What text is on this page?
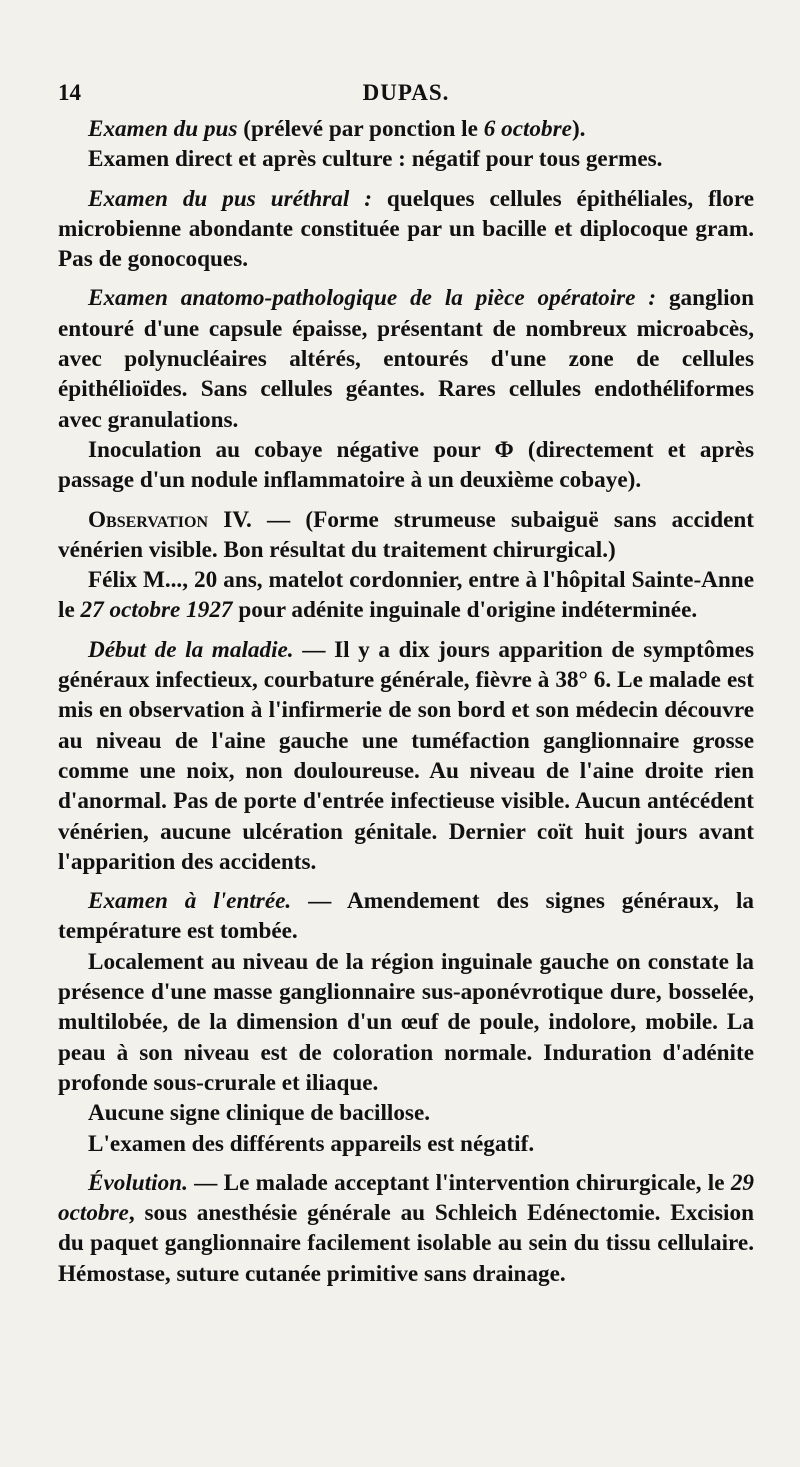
14	DUPAS.

Examen du pus (prélevé par ponction le 6 octobre).

Examen direct et après culture : négatif pour tous germes.

Examen du pus uréthral : quelques cellules épithéliales, flore microbienne abondante constituée par un bacille et diplocoque gram. Pas de gonocoques.

Examen anatomo-pathologique de la pièce opératoire : ganglion entouré d'une capsule épaisse, présentant de nombreux microabcès, avec polynucléaires altérés, entourés d'une zone de cellules épithélioïdes. Sans cellules géantes. Rares cellules endothéliformes avec granulations.

Inoculation au cobaye négative pour Φ (directement et après passage d'un nodule inflammatoire à un deuxième cobaye).

Observation IV. — (Forme strumeuse subaiguë sans accident vénérien visible. Bon résultat du traitement chirurgical.)

Félix M..., 20 ans, matelot cordonnier, entre à l'hôpital Sainte-Anne le 27 octobre 1927 pour adénite inguinale d'origine indéterminée.

Début de la maladie. — Il y a dix jours apparition de symptômes généraux infectieux, courbature générale, fièvre à 38° 6. Le malade est mis en observation à l'infirmerie de son bord et son médecin découvre au niveau de l'aine gauche une tuméfaction ganglionnaire grosse comme une noix, non douloureuse. Au niveau de l'aine droite rien d'anormal. Pas de porte d'entrée infectieuse visible. Aucun antécédent vénérien, aucune ulcération génitale. Dernier coït huit jours avant l'apparition des accidents.

Examen à l'entrée. — Amendement des signes généraux, la température est tombée.

Localement au niveau de la région inguinale gauche on constate la présence d'une masse ganglionnaire sus-aponévrotique dure, bosselée, multilobée, de la dimension d'un œuf de poule, indolore, mobile. La peau à son niveau est de coloration normale. Induration d'adénite profonde sous-crurale et iliaque.

Aucune signe clinique de bacillose.

L'examen des différents appareils est négatif.

Évolution. — Le malade acceptant l'intervention chirurgicale, le 29 octobre, sous anesthésie générale au Schleich Edénectomie. Excision du paquet ganglionnaire facilement isolable au sein du tissu cellulaire. Hémostase, suture cutanée primitive sans drainage.
